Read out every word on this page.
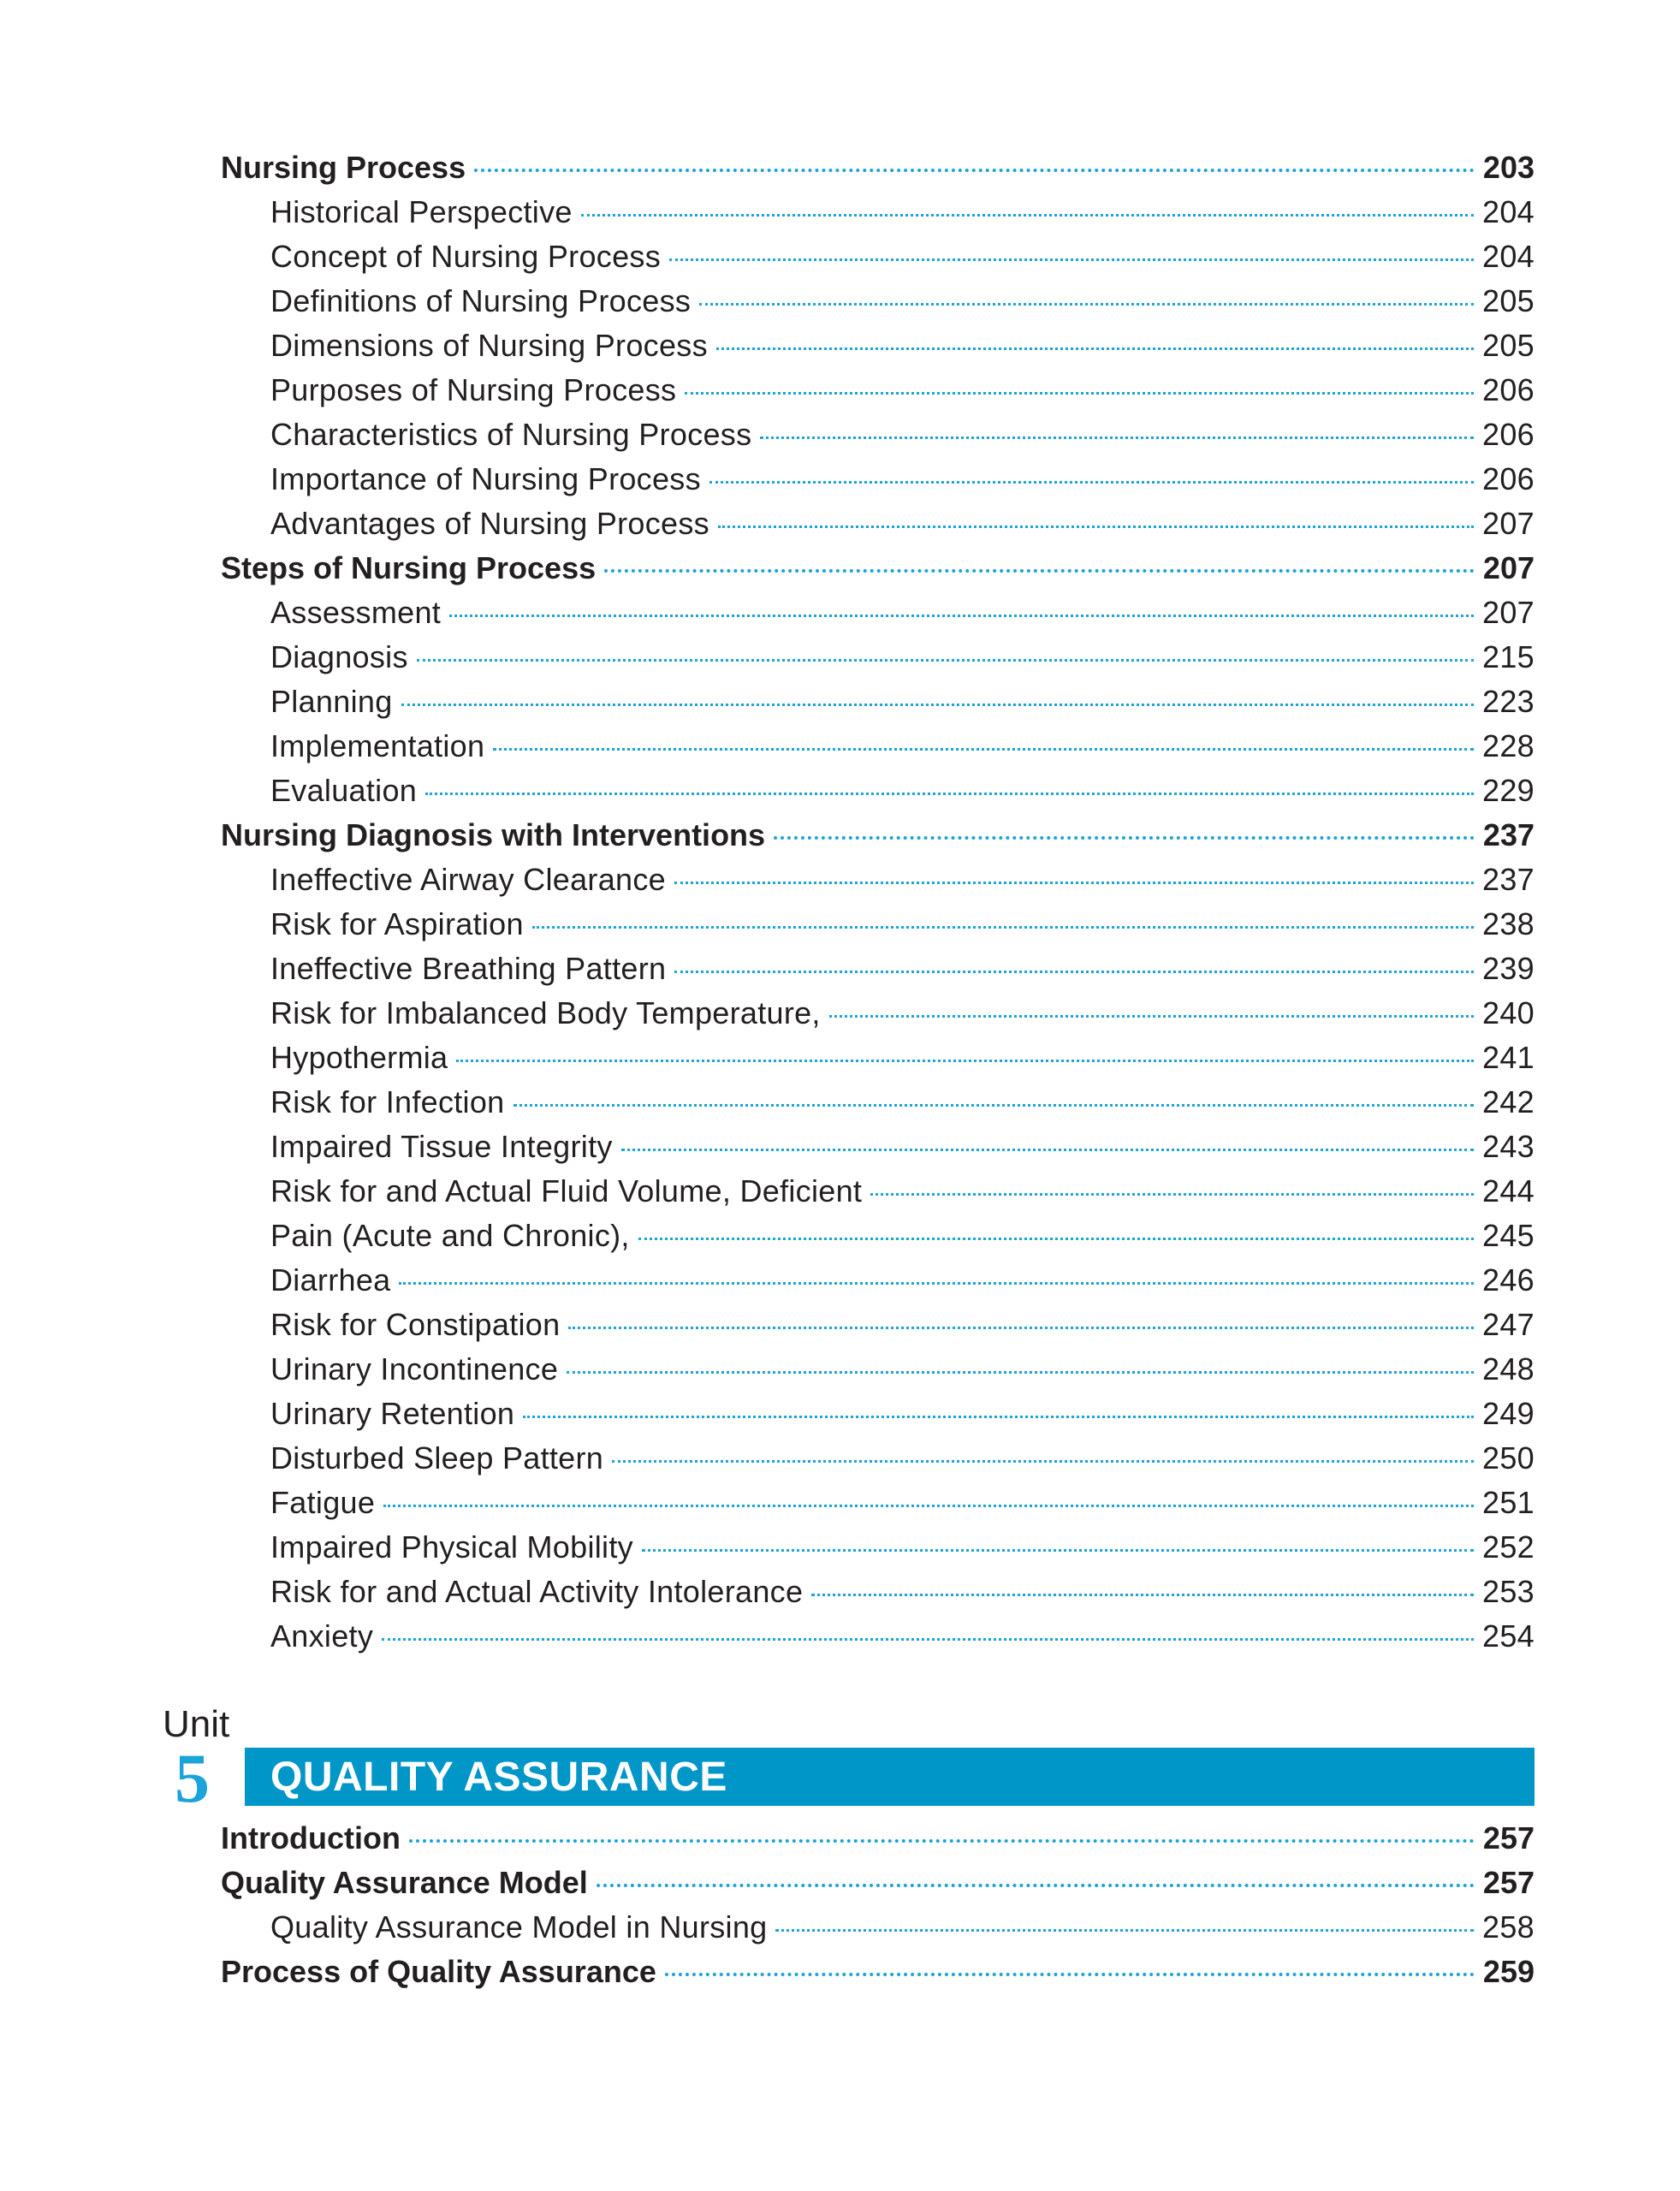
Nursing Process	203
Historical Perspective	204
Concept of Nursing Process	204
Definitions of Nursing Process	205
Dimensions of Nursing Process	205
Purposes of Nursing Process	206
Characteristics of Nursing Process	206
Importance of Nursing Process	206
Advantages of Nursing Process	207
Steps of Nursing Process	207
Assessment	207
Diagnosis	215
Planning	223
Implementation	228
Evaluation	229
Nursing Diagnosis with Interventions	237
Ineffective Airway Clearance	237
Risk for Aspiration	238
Ineffective Breathing Pattern	239
Risk for Imbalanced Body Temperature,	240
Hypothermia	241
Risk for Infection	242
Impaired Tissue Integrity	243
Risk for and Actual Fluid Volume, Deficient	244
Pain (Acute and Chronic),	245
Diarrhea	246
Risk for Constipation	247
Urinary Incontinence	248
Urinary Retention	249
Disturbed Sleep Pattern	250
Fatigue	251
Impaired Physical Mobility	252
Risk for and Actual Activity Intolerance	253
Anxiety	254
Unit
5	QUALITY ASSURANCE
Introduction	257
Quality Assurance Model	257
Quality Assurance Model in Nursing	258
Process of Quality Assurance	259
